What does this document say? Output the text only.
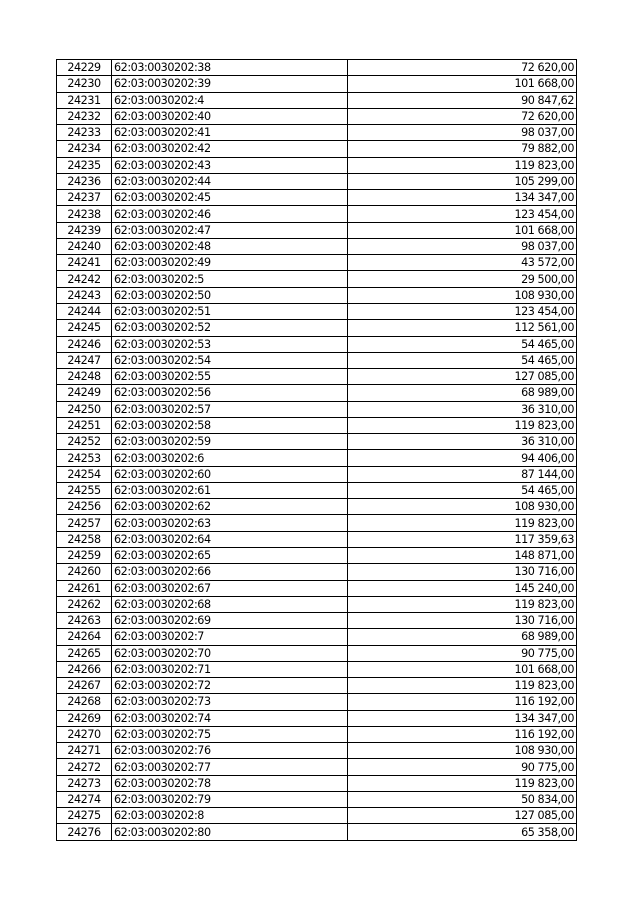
24229	62:03:0030202:38	72 620,00
24230	62:03:0030202:39	101 668,00
24231	62:03:0030202:4	90 847,62
24232	62:03:0030202:40	72 620,00
24233	62:03:0030202:41	98 037,00
24234	62:03:0030202:42	79 882,00
24235	62:03:0030202:43	119 823,00
24236	62:03:0030202:44	105 299,00
24237	62:03:0030202:45	134 347,00
24238	62:03:0030202:46	123 454,00
24239	62:03:0030202:47	101 668,00
24240	62:03:0030202:48	98 037,00
24241	62:03:0030202:49	43 572,00
24242	62:03:0030202:5	29 500,00
24243	62:03:0030202:50	108 930,00
24244	62:03:0030202:51	123 454,00
24245	62:03:0030202:52	112 561,00
24246	62:03:0030202:53	54 465,00
24247	62:03:0030202:54	54 465,00
24248	62:03:0030202:55	127 085,00
24249	62:03:0030202:56	68 989,00
24250	62:03:0030202:57	36 310,00
24251	62:03:0030202:58	119 823,00
24252	62:03:0030202:59	36 310,00
24253	62:03:0030202:6	94 406,00
24254	62:03:0030202:60	87 144,00
24255	62:03:0030202:61	54 465,00
24256	62:03:0030202:62	108 930,00
24257	62:03:0030202:63	119 823,00
24258	62:03:0030202:64	117 359,63
24259	62:03:0030202:65	148 871,00
24260	62:03:0030202:66	130 716,00
24261	62:03:0030202:67	145 240,00
24262	62:03:0030202:68	119 823,00
24263	62:03:0030202:69	130 716,00
24264	62:03:0030202:7	68 989,00
24265	62:03:0030202:70	90 775,00
24266	62:03:0030202:71	101 668,00
24267	62:03:0030202:72	119 823,00
24268	62:03:0030202:73	116 192,00
24269	62:03:0030202:74	134 347,00
24270	62:03:0030202:75	116 192,00
24271	62:03:0030202:76	108 930,00
24272	62:03:0030202:77	90 775,00
24273	62:03:0030202:78	119 823,00
24274	62:03:0030202:79	50 834,00
24275	62:03:0030202:8	127 085,00
24276	62:03:0030202:80	65 358,00
